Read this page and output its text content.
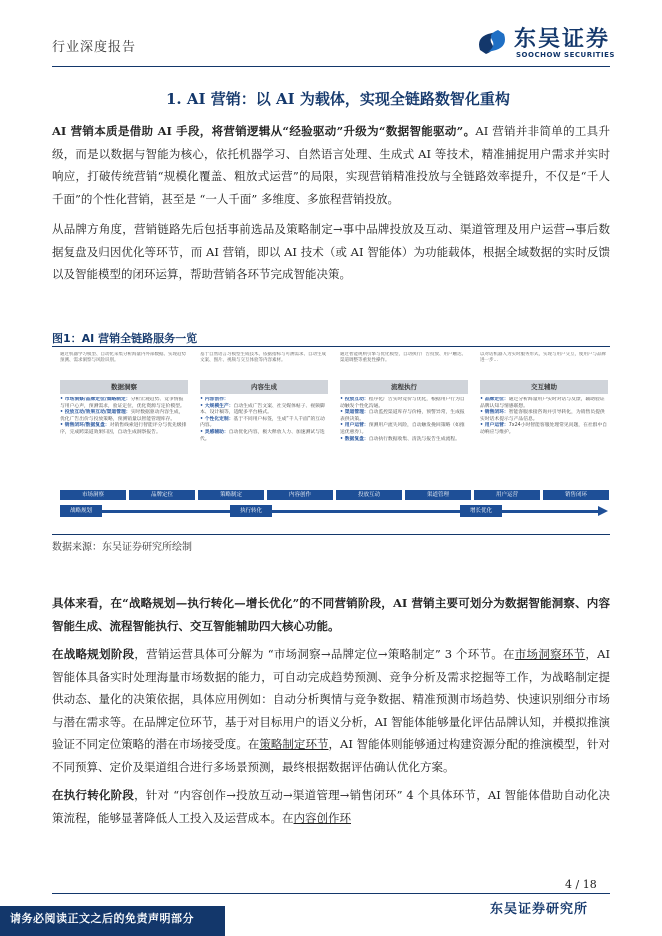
行业深度报告	东吴证券
SOOCHOW SECURITIES
1. AI 营销：以 AI 为载体，实现全链路数智化重构

AI 营销本质是借助 AI 手段，将营销逻辑从“经验驱动”升级为“数据智能驱动”。AI 营销并非简单的工具升级，而是以数据与智能为核心，依托机器学习、自然语言处理、生成式 AI 等技术，精准捕捉用户需求并实时响应，打破传统营销“规模化覆盖、粗放式运营”的局限，实现营销精准投放与全链路效率提升，不仅是“千人千面”的个性化营销，甚至是 “一人千面” 多维度、多旅程营销投放。

从品牌方角度，营销链路先后包括事前选品及策略制定→事中品牌投放及互动、渠道管理及用户运营→事后数据复盘及归因优化等环节，而 AI 营销，即以 AI 技术（或 AI 智能体）为功能载体，根据全域数据的实时反馈以及智能模型的闭环运算，帮助营销各环节完成智能决策。

图1：AI 营销全链路服务一览
通过机器学习模型、自动化采集分析海量内外部数据、实现趋势预测、需求洞察与风险识别。
数据洞察
• 市场洞察/品牌定位/策略制定：分析宏观趋势、竞争情报与用户心声，预测需求，验证定位，优化资源与定价模型。
• 投放互动/效果互动/渠道管理：实时数据驱动内容生成，优化广告出价与投放策略，预测销量以智能管理库存。
• 销售闭环/数据复盘：对销售线索进行智能评分与优先级排序，完成跨渠道效果归因，自动生成洞察报告。
基于自然语言习模型生成技术，依据指标与可测需求、自动生成文案、图片、视频与交互体验等内容素材。
内容生成
• 内容创作：
• 大规模生产：自动生成广告文案、社交媒体帖子、视频脚本、设计稿等，适配多平台格式。
• 个性化定制：基于不同用户标签，生成“千人千面”的互动内容。
• 灵感辅助：自动优化内容，极大释放人力、加速测试与迭代。
通过智能规则引擎与优化模型，自动执行广告投放、用户触达、渠道调整等重复性操作。
流程执行
• 投放互动：程序化广告实时竞价与优化，根据用户行为自动触发个性化沟通。
• 渠道管理：自动监控渠道库存与价格，预警异常，生成报表供决策。
• 用户运营：预测用户流失风险，自动触发挽回策略（如推送优惠券）。
• 数据复盘：自动执行数据收集、清洗与报告生成流程。
以对话机器人为实时服务形式，实现与用户交互，使用户与品牌进一步…
交互辅助
• 品牌定位：通过分析海量用户实时对话与反馈，辅助验证品牌认知与情感联想。
• 销售闭环：智能客服承接咨询并引导转化，为销售员提供实时话术提示与产品信息。
• 用户运营：7x24小时智能客服处理常见问题，在社群中自动响应与维护。
市场洞察	品牌定位	策略制定	内容创作	投放互动	渠道管理	用户运营	销售闭环
战略规划	执行转化	增长优化
数据来源：东吴证券研究所绘制

具体来看，在“战略规划—执行转化—增长优化”的不同营销阶段，AI 营销主要可划分为数据智能洞察、内容智能生成、流程智能执行、交互智能辅助四大核心功能。

在战略规划阶段，营销运营具体可分解为 “市场洞察→品牌定位→策略制定” 3 个环节。在市场洞察环节，AI 智能体具备实时处理海量市场数据的能力，可自动完成趋势预测、竞争分析及需求挖掘等工作，为战略制定提供动态、量化的决策依据，具体应用例如：自动分析舆情与竞争数据、精准预测市场趋势、快速识别细分市场与潜在需求等。在品牌定位环节，基于对目标用户的语义分析，AI 智能体能够量化评估品牌认知，并模拟推演验证不同定位策略的潜在市场接受度。在策略制定环节，AI 智能体则能够通过构建资源分配的推演模型，针对不同预算、定价及渠道组合进行多场景预测，最终根据数据评估确认优化方案。

在执行转化阶段，针对 “内容创作→投放互动→渠道管理→销售闭环” 4 个具体环节，AI 智能体借助自动化决策流程，能够显著降低人工投入及运营成本。在内容创作环

4 / 18
请务必阅读正文之后的免责声明部分
东吴证券研究所
